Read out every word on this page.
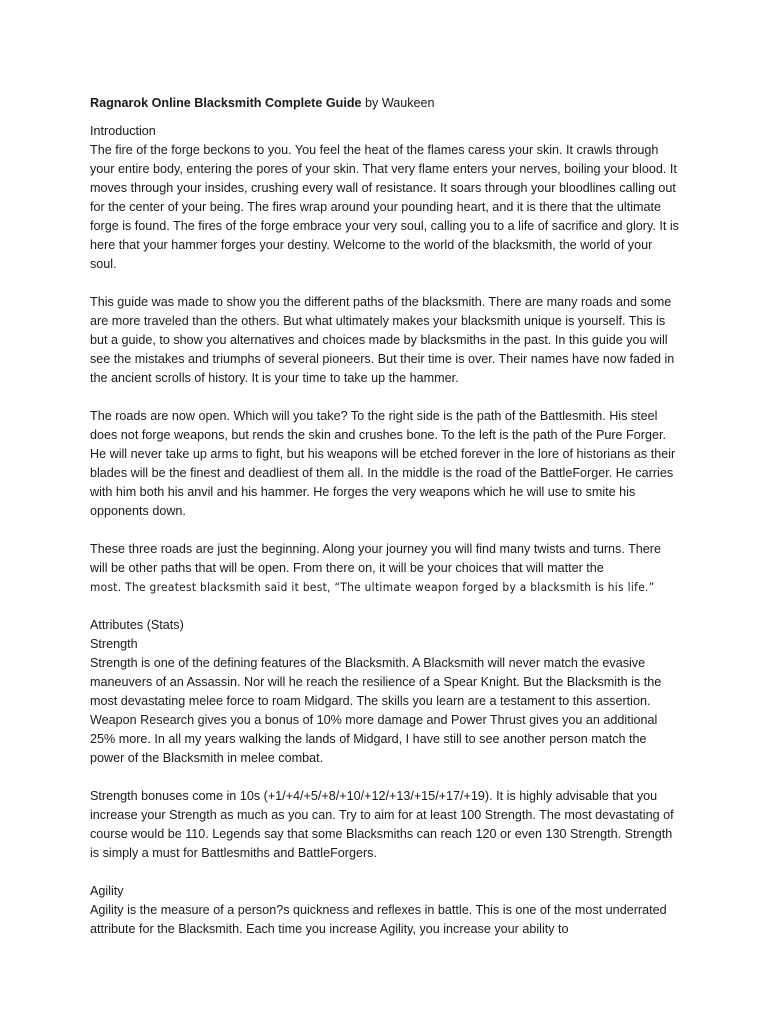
Ragnarok Online Blacksmith Complete Guide by Waukeen

Introduction

The fire of the forge beckons to you. You feel the heat of the flames caress your skin. It crawls through your entire body, entering the pores of your skin. That very flame enters your nerves, boiling your blood. It moves through your insides, crushing every wall of resistance. It soars through your bloodlines calling out for the center of your being. The fires wrap around your pounding heart, and it is there that the ultimate forge is found. The fires of the forge embrace your very soul, calling you to a life of sacrifice and glory. It is here that your hammer forges your destiny. Welcome to the world of the blacksmith, the world of your soul.

This guide was made to show you the different paths of the blacksmith. There are many roads and some are more traveled than the others. But what ultimately makes your blacksmith unique is yourself. This is but a guide, to show you alternatives and choices made by blacksmiths in the past. In this guide you will see the mistakes and triumphs of several pioneers. But their time is over. Their names have now faded in the ancient scrolls of history. It is your time to take up the hammer.

The roads are now open. Which will you take? To the right side is the path of the Battlesmith. His steel does not forge weapons, but rends the skin and crushes bone. To the left is the path of the Pure Forger. He will never take up arms to fight, but his weapons will be etched forever in the lore of historians as their blades will be the finest and deadliest of them all. In the middle is the road of the BattleForger. He carries with him both his anvil and his hammer. He forges the very weapons which he will use to smite his opponents down.

These three roads are just the beginning. Along your journey you will find many twists and turns. There will be other paths that will be open. From there on, it will be your choices that will matter the
most. The greatest blacksmith said it best, “The ultimate weapon forged by a blacksmith is his life.”

Attributes (Stats)

Strength

Strength is one of the defining features of the Blacksmith. A Blacksmith will never match the evasive maneuvers of an Assassin. Nor will he reach the resilience of a Spear Knight. But the Blacksmith is the most devastating melee force to roam Midgard. The skills you learn are a testament to this assertion. Weapon Research gives you a bonus of 10% more damage and Power Thrust gives you an additional 25% more. In all my years walking the lands of Midgard, I have still to see another person match the power of the Blacksmith in melee combat.

Strength bonuses come in 10s (+1/+4/+5/+8/+10/+12/+13/+15/+17/+19). It is highly advisable that you increase your Strength as much as you can. Try to aim for at least 100 Strength. The most devastating of course would be 110. Legends say that some Blacksmiths can reach 120 or even 130 Strength. Strength is simply a must for Battlesmiths and BattleForgers.

Agility

Agility is the measure of a person?s quickness and reflexes in battle. This is one of the most underrated attribute for the Blacksmith. Each time you increase Agility, you increase your ability to
